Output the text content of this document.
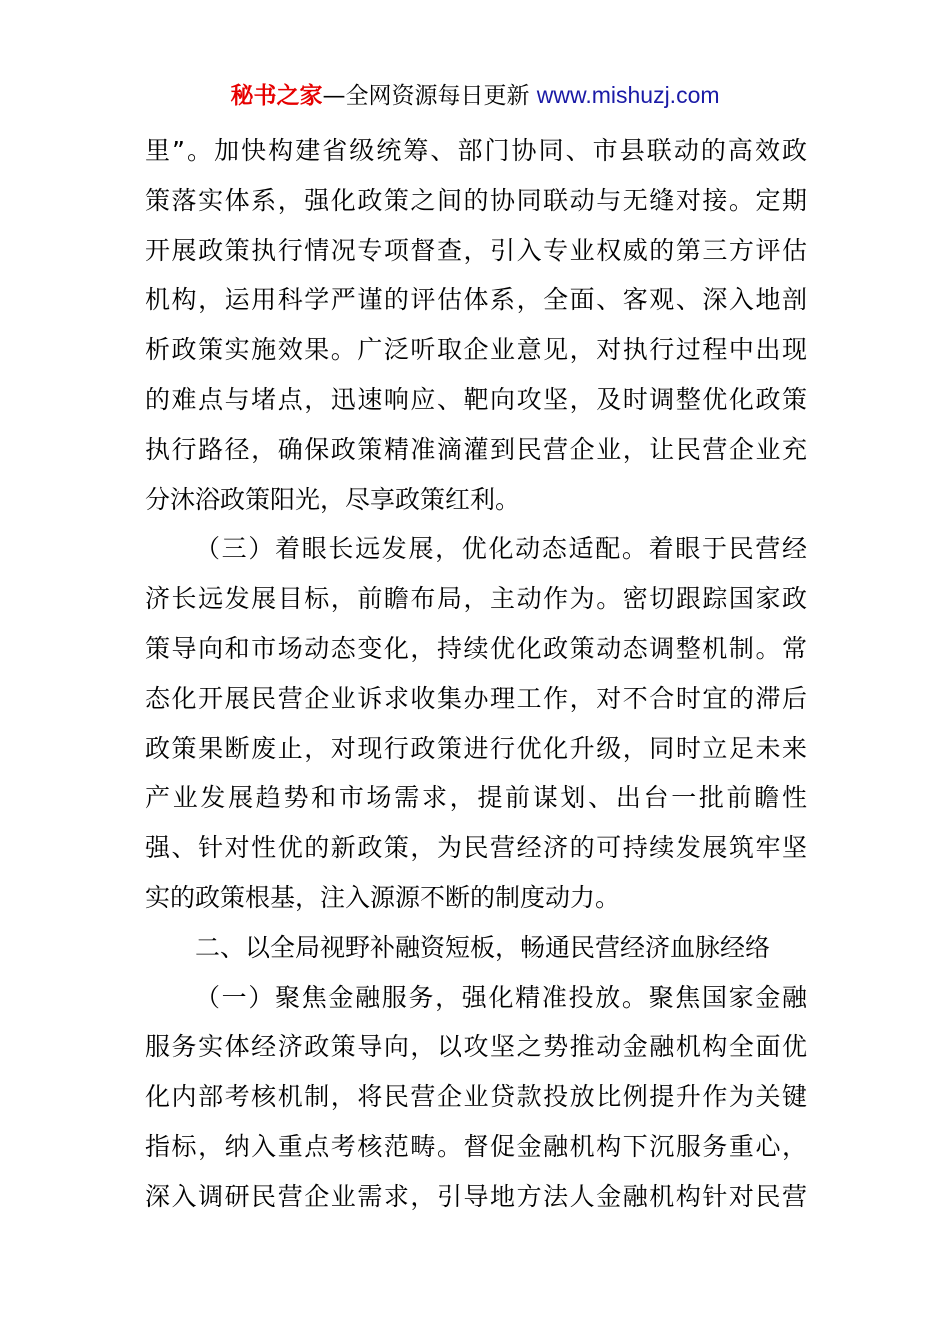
秘书之家—全网资源每日更新 www.mishuzj.com
里”。加快构建省级统筹、部门协同、市县联动的高效政
策落实体系，强化政策之间的协同联动与无缝对接。定期
开展政策执行情况专项督查，引入专业权威的第三方评估
机构，运用科学严谨的评估体系，全面、客观、深入地剖
析政策实施效果。广泛听取企业意见，对执行过程中出现
的难点与堵点，迅速响应、靶向攻坚，及时调整优化政策
执行路径，确保政策精准滴灌到民营企业，让民营企业充
分沐浴政策阳光，尽享政策红利。
（三）着眼长远发展，优化动态适配。着眼于民营经
济长远发展目标，前瞻布局，主动作为。密切跟踪国家政
策导向和市场动态变化，持续优化政策动态调整机制。常
态化开展民营企业诉求收集办理工作，对不合时宜的滞后
政策果断废止，对现行政策进行优化升级，同时立足未来
产业发展趋势和市场需求，提前谋划、出台一批前瞻性
强、针对性优的新政策，为民营经济的可持续发展筑牢坚
实的政策根基，注入源源不断的制度动力。
二、以全局视野补融资短板，畅通民营经济血脉经络
（一）聚焦金融服务，强化精准投放。聚焦国家金融
服务实体经济政策导向，以攻坚之势推动金融机构全面优
化内部考核机制，将民营企业贷款投放比例提升作为关键
指标，纳入重点考核范畴。督促金融机构下沉服务重心，
深入调研民营企业需求，引导地方法人金融机构针对民营
